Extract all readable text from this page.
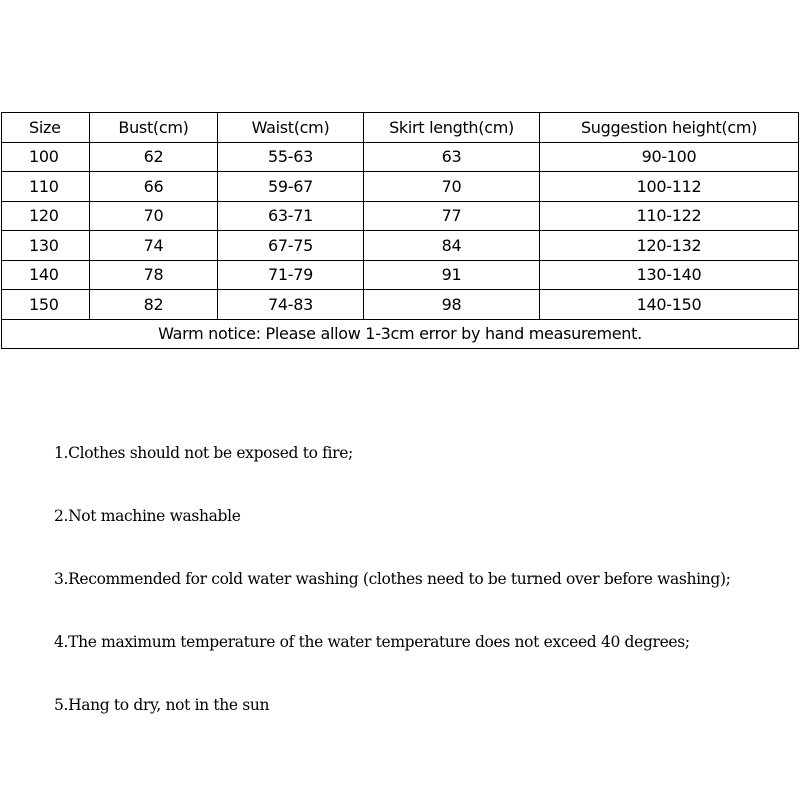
Size	Bust(cm)	Waist(cm)	Skirt length(cm)	Suggestion height(cm)
100	62	55-63	63	90-100
110	66	59-67	70	100-112
120	70	63-71	77	110-122
130	74	67-75	84	120-132
140	78	71-79	91	130-140
150	82	74-83	98	140-150
Warm notice: Please allow 1-3cm error by hand measurement.				
1.Clothes should not be exposed to fire;
2.Not machine washable
3.Recommended for cold water washing (clothes need to be turned over before washing);
4.The maximum temperature of the water temperature does not exceed 40 degrees;
5.Hang to dry, not in the sun
